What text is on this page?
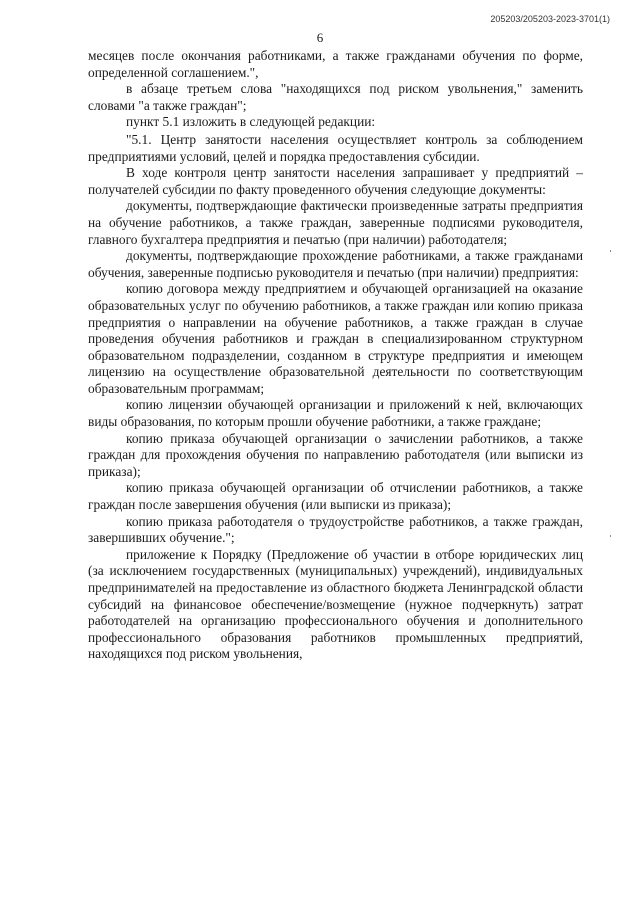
205203/205203-2023-3701(1)
6

месяцев после окончания работниками, а также гражданами обучения по форме, определенной соглашением.",

в абзаце третьем слова "находящихся под риском увольнения," заменить словами "а также граждан";

пункт 5.1 изложить в следующей редакции:

"5.1. Центр занятости населения осуществляет контроль за соблюдением предприятиями условий, целей и порядка предоставления субсидии.

В ходе контроля центр занятости населения запрашивает у предприятий – получателей субсидии по факту проведенного обучения следующие документы:

документы, подтверждающие фактически произведенные затраты предприятия на обучение работников, а также граждан, заверенные подписями руководителя, главного бухгалтера предприятия и печатью (при наличии) работодателя;

документы, подтверждающие прохождение работниками, а также гражданами обучения, заверенные подписью руководителя и печатью (при наличии) предприятия:

копию договора между предприятием и обучающей организацией на оказание образовательных услуг по обучению работников, а также граждан или копию приказа предприятия о направлении на обучение работников, а также граждан в случае проведения обучения работников и граждан в специализированном структурном образовательном подразделении, созданном в структуре предприятия и имеющем лицензию на осуществление образовательной деятельности по соответствующим образовательным программам;

копию лицензии обучающей организации и приложений к ней, включающих виды образования, по которым прошли обучение работники, а также граждане;

копию приказа обучающей организации о зачислении работников, а также граждан для прохождения обучения по направлению работодателя (или выписки из приказа);

копию приказа обучающей организации об отчислении работников, а также граждан после завершения обучения (или выписки из приказа);

копию приказа работодателя о трудоустройстве работников, а также граждан, завершивших обучение.";

приложение к Порядку (Предложение об участии в отборе юридических лиц (за исключением государственных (муниципальных) учреждений), индивидуальных предпринимателей на предоставление из областного бюджета Ленинградской области субсидий на финансовое обеспечение/возмещение (нужное подчеркнуть) затрат работодателей на организацию профессионального обучения и дополнительного профессионального образования работников промышленных предприятий, находящихся под риском увольнения,
